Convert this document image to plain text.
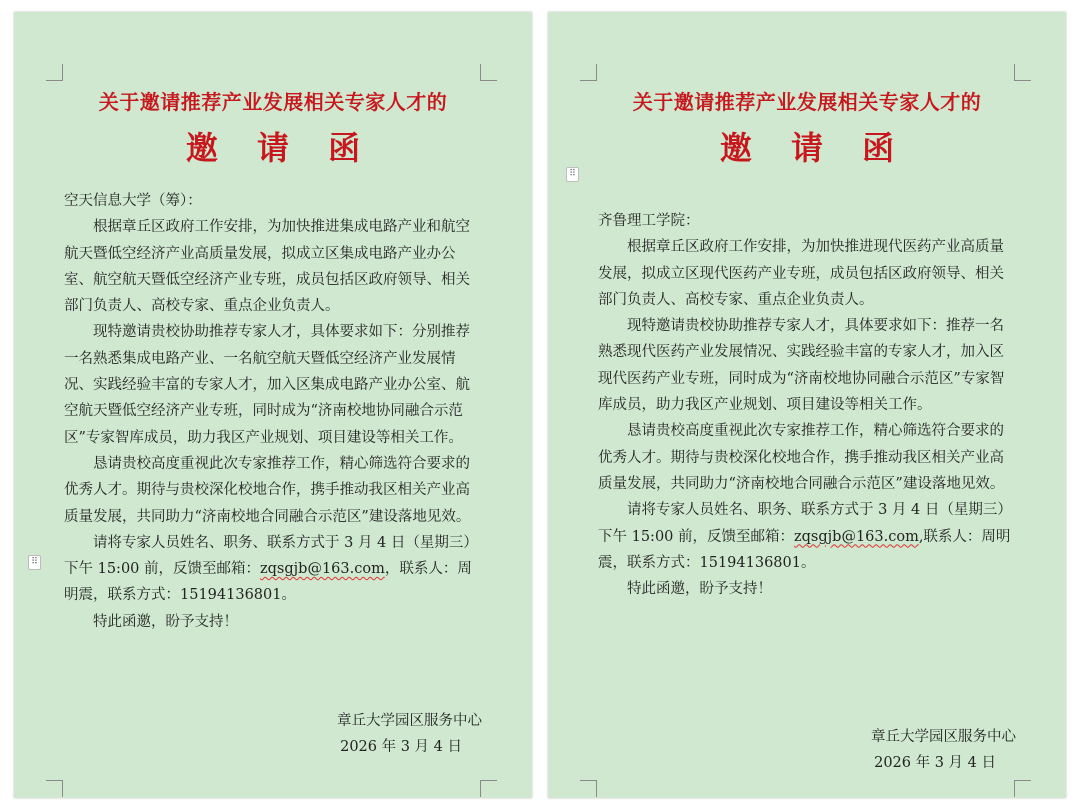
关于邀请推荐产业发展相关专家人才的
邀 请 函

空天信息大学（筹）：

根据章丘区政府工作安排，为加快推进集成电路产业和航空航天暨低空经济产业高质量发展，拟成立区集成电路产业办公室、航空航天暨低空经济产业专班，成员包括区政府领导、相关部门负责人、高校专家、重点企业负责人。

现特邀请贵校协助推荐专家人才，具体要求如下：分别推荐一名熟悉集成电路产业、一名航空航天暨低空经济产业发展情况、实践经验丰富的专家人才，加入区集成电路产业办公室、航空航天暨低空经济产业专班，同时成为“济南校地协同融合示范区”专家智库成员，助力我区产业规划、项目建设等相关工作。

恳请贵校高度重视此次专家推荐工作，精心筛选符合要求的优秀人才。期待与贵校深化校地合作，携手推动我区相关产业高质量发展，共同助力“济南校地合同融合示范区”建设落地见效。

请将专家人员姓名、职务、联系方式于 3 月 4 日（星期三）下午 15:00 前，反馈至邮箱：zqsgjb@163.com，联系人：周明震，联系方式：15194136801。

特此函邀，盼予支持！

章丘大学园区服务中心
2026 年 3 月 4 日
⠿
关于邀请推荐产业发展相关专家人才的
邀 请 函
⠿

齐鲁理工学院：

根据章丘区政府工作安排，为加快推进现代医药产业高质量发展，拟成立区现代医药产业专班，成员包括区政府领导、相关部门负责人、高校专家、重点企业负责人。

现特邀请贵校协助推荐专家人才，具体要求如下：推荐一名熟悉现代医药产业发展情况、实践经验丰富的专家人才，加入区现代医药产业专班，同时成为“济南校地协同融合示范区”专家智库成员，助力我区产业规划、项目建设等相关工作。

恳请贵校高度重视此次专家推荐工作，精心筛选符合要求的优秀人才。期待与贵校深化校地合作，携手推动我区相关产业高质量发展，共同助力“济南校地合同融合示范区”建设落地见效。

请将专家人员姓名、职务、联系方式于 3 月 4 日（星期三）下午 15:00 前，反馈至邮箱：zqsgjb@163.com,联系人：周明震，联系方式：15194136801。

特此函邀，盼予支持！

章丘大学园区服务中心
2026 年 3 月 4 日
